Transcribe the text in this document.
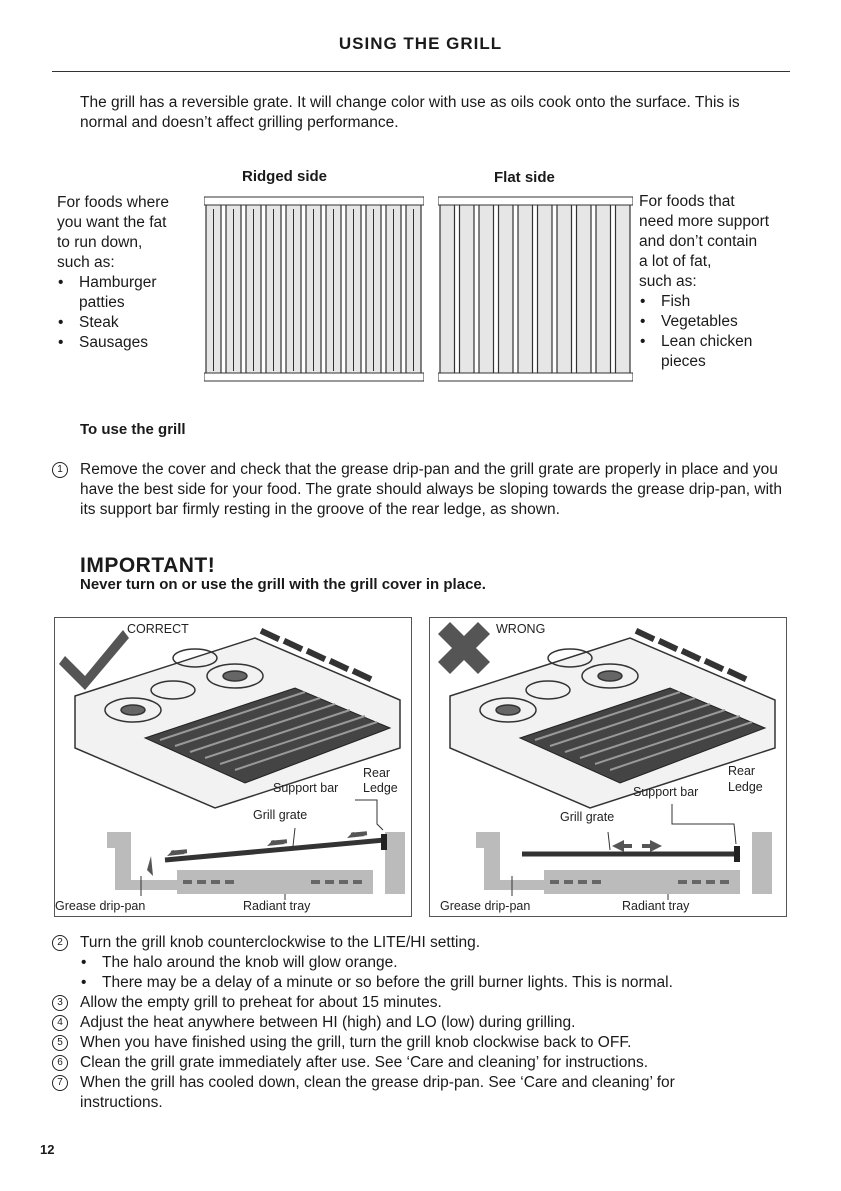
USING THE GRILL
The grill has a reversible grate. It will change color with use as oils cook onto the surface. This is normal and doesn’t affect grilling performance.
Ridged side
For foods where
you want the fat
to run down,
such as:
• Hamburger
patties
• Steak
• Sausages
Flat side
For foods that
need more support
and don’t contain
a lot of fat,
such as:
• Fish
• Vegetables
• Lean chicken
pieces
To use the grill
1	Remove the cover and check that the grease drip-pan and the grill grate are properly in place and you have the best side for your food. The grate should always be sloping towards the grease drip-pan, with its support bar firmly resting in the groove of the rear ledge, as shown.
IMPORTANT!
Never turn on or use the grill with the grill cover in place.
CORRECT
Rear
Ledge
Support bar
Grill grate
Grease drip-pan	Radiant tray
WRONG
Rear
Ledge
Support bar
Grill grate
Grease drip-pan	Radiant tray
2	Turn the grill knob counterclockwise to the LITE/HI setting.
• The halo around the knob will glow orange.
• There may be a delay of a minute or so before the grill burner lights. This is normal.
3	Allow the empty grill to preheat for about 15 minutes.
4	Adjust the heat anywhere between HI (high) and LO (low) during grilling.
5	When you have finished using the grill, turn the grill knob clockwise back to OFF.
6	Clean the grill grate immediately after use. See ‘Care and cleaning’ for instructions.
7	When the grill has cooled down, clean the grease drip-pan. See ‘Care and cleaning’ for instructions.
12
